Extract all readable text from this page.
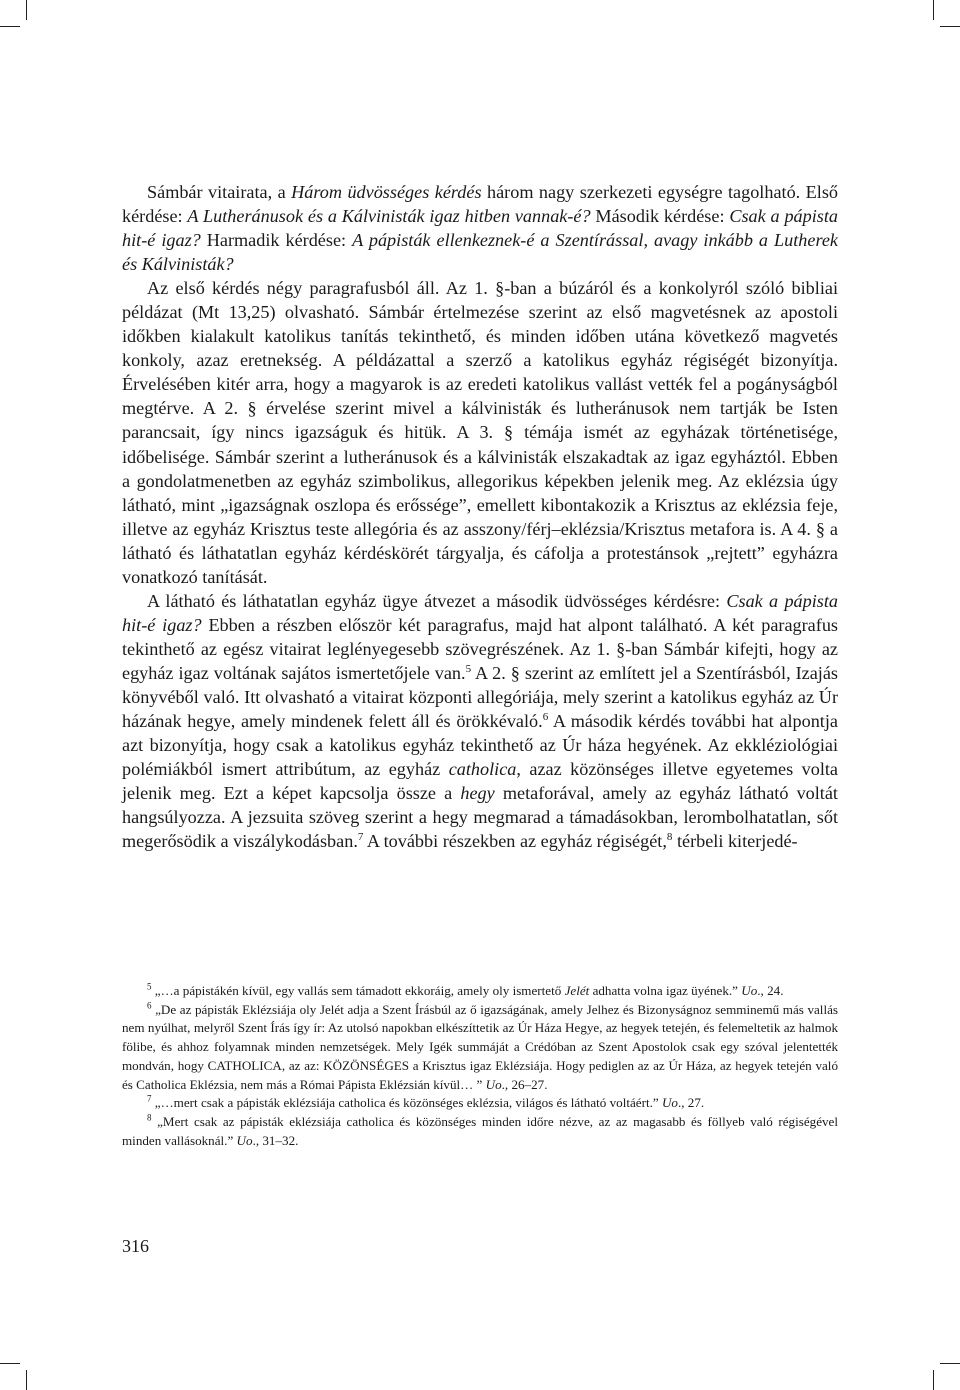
Sámbár vitairata, a Három üdvösséges kérdés három nagy szerkezeti egységre tagolható. Első kérdése: A Lutheránusok és a Kálvinisták igaz hitben vannak-é? Második kérdése: Csak a pápista hit-é igaz? Harmadik kérdése: A pápisták ellenkeznek-é a Szentírással, avagy inkább a Lutherek és Kálvinisták?

Az első kérdés négy paragrafusból áll. Az 1. §-ban a búzáról és a konkolyról szóló bibliai példázat (Mt 13,25) olvasható. Sámbár értelmezése szerint az első magvetésnek az apostoli időkben kialakult katolikus tanítás tekinthető, és minden időben utána következő magvetés konkoly, azaz eretnekség. A példázattal a szerző a katolikus egyház régiségét bizonyítja. Érvelésében kitér arra, hogy a magyarok is az eredeti katolikus vallást vették fel a pogányságból megtérve. A 2. § érvelése szerint mivel a kálvinisták és lutheránusok nem tartják be Isten parancsait, így nincs igazságuk és hitük. A 3. § témája ismét az egyházak történetisége, időbelisége. Sámbár szerint a lutheránusok és a kálvinisták elszakadtak az igaz egyháztól. Ebben a gondolatmenetben az egyház szimbolikus, allegorikus képekben jelenik meg. Az eklézsia úgy látható, mint „igazságnak oszlopa és erőssége”, emellett kibontakozik a Krisztus az eklézsia feje, illetve az egyház Krisztus teste allegória és az asszony/férj–eklézsia/Krisztus metafora is. A 4. § a látható és láthatatlan egyház kérdéskörét tárgyalja, és cáfolja a protestánsok „rejtett” egyházra vonatkozó tanítását.

A látható és láthatatlan egyház ügye átvezet a második üdvösséges kérdésre: Csak a pápista hit-é igaz? Ebben a részben először két paragrafus, majd hat alpont található. A két paragrafus tekinthető az egész vitairat leglényegesebb szövegrészének. Az 1. §-ban Sámbár kifejti, hogy az egyház igaz voltának sajátos ismertetőjele van.$^5$ A 2. § szerint az említett jel a Szentírásból, Izajás könyvéből való. Itt olvasható a vitairat központi allegóriája, mely szerint a katolikus egyház az Úr házának hegye, amely mindenek felett áll és örökkévaló.$^6$ A második kérdés további hat alpontja azt bizonyítja, hogy csak a katolikus egyház tekinthető az Úr háza hegyének. Az ekkléziológiai polémiákból ismert attribútum, az egyház catholica, azaz közönséges illetve egyetemes volta jelenik meg. Ezt a képet kapcsolja össze a hegy metaforával, amely az egyház látható voltát hangsúlyozza. A jezsuita szöveg szerint a hegy megmarad a támadásokban, lerombolhatatlan, sőt megerősödik a viszálykodásban.$^7$ A további részekben az egyház régiségét,$^8$ térbeli kiterjedé-

$^5$ „…a pápistákén kívül, egy vallás sem támadott ekkoráig, amely oly ismertető Jelét adhatta volna igaz üyének.” Uo., 24.

$^6$ „De az pápisták Eklézsiája oly Jelét adja a Szent Írásbúl az ő igazságának, amely Jelhez és Bizonyságnoz semminemű más vallás nem nyúlhat, melyről Szent Írás így ír: Az utolsó napokban elkészíttetik az Úr Háza Hegye, az hegyek tetején, és felemeltetik az halmok fölibe, és ahhoz folyamnak minden nemzetségek. Mely Igék summáját a Crédóban az Szent Apostolok csak egy szóval jelentették mondván, hogy CATHOLICA, az az: KÖZÖNSÉGES a Krisztus igaz Eklézsiája. Hogy pediglen az az Úr Háza, az hegyek tetején való és Catholica Eklézsia, nem más a Római Pápista Eklézsián kívül… ” Uo., 26–27.

$^7$ „…mert csak a pápisták eklézsiája catholica és közönséges eklézsia, világos és látható voltáért.” Uo., 27.

$^8$ „Mert csak az pápisták eklézsiája catholica és közönséges minden időre nézve, az az magasabb és föllyeb való régiségével minden vallásoknál.” Uo., 31–32.

316
